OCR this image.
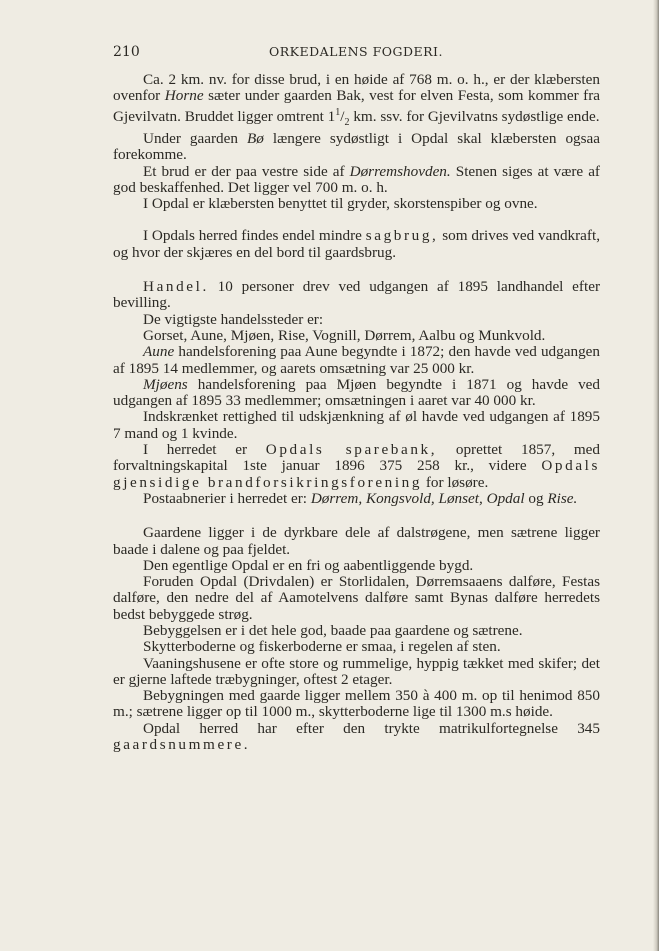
210	ORKEDALENS FOGDERI.

Ca. 2 km. nv. for disse brud, i en høide af 768 m. o. h., er der klæbersten ovenfor Horne sæter under gaarden Bak, vest for elven Festa, som kommer fra Gjevilvatn. Bruddet ligger omtrent $1^1/_2$ km. ssv. for Gjevilvatns sydøstlige ende.

Under gaarden Bø længere sydøstligt i Opdal skal klæbersten ogsaa forekomme.

Et brud er der paa vestre side af Dørremshovden. Stenen siges at være af god beskaffenhed. Det ligger vel 700 m. o. h.

I Opdal er klæbersten benyttet til gryder, skorstenspiber og ovne.

I Opdals herred findes endel mindre sagbrug, som drives ved vandkraft, og hvor der skjæres en del bord til gaardsbrug.

Handel. 10 personer drev ved udgangen af 1895 landhandel efter bevilling.

De vigtigste handelssteder er:

Gorset, Aune, Mjøen, Rise, Vognill, Dørrem, Aalbu og Munkvold.

Aune handelsforening paa Aune begyndte i 1872; den havde ved udgangen af 1895 14 medlemmer, og aarets omsætning var 25 000 kr.

Mjøens handelsforening paa Mjøen begyndte i 1871 og havde ved udgangen af 1895 33 medlemmer; omsætningen i aaret var 40 000 kr.

Indskrænket rettighed til udskjænkning af øl havde ved udgangen af 1895 7 mand og 1 kvinde.

I herredet er Opdals sparebank, oprettet 1857, med forvaltningskapital 1ste januar 1896 375 258 kr., videre Opdals gjensidige brandforsikringsforening for løsøre.

Postaabnerier i herredet er: Dørrem, Kongsvold, Lønset, Opdal og Rise.

Gaardene ligger i de dyrkbare dele af dalstrøgene, men sætrene ligger baade i dalene og paa fjeldet.

Den egentlige Opdal er en fri og aabentliggende bygd.

Foruden Opdal (Drivdalen) er Storlidalen, Dørremsaaens dalføre, Festas dalføre, den nedre del af Aamotelvens dalføre samt Bynas dalføre herredets bedst bebyggede strøg.

Bebyggelsen er i det hele god, baade paa gaardene og sætrene.

Skytterboderne og fiskerboderne er smaa, i regelen af sten.

Vaaningshusene er ofte store og rummelige, hyppig tækket med skifer; det er gjerne laftede træbygninger, oftest 2 etager.

Bebygningen med gaarde ligger mellem 350 à 400 m. op til henimod 850 m.; sætrene ligger op til 1000 m., skytterboderne lige til 1300 m.s høide.

Opdal herred har efter den trykte matrikulfortegnelse 345 gaardsnummere.
